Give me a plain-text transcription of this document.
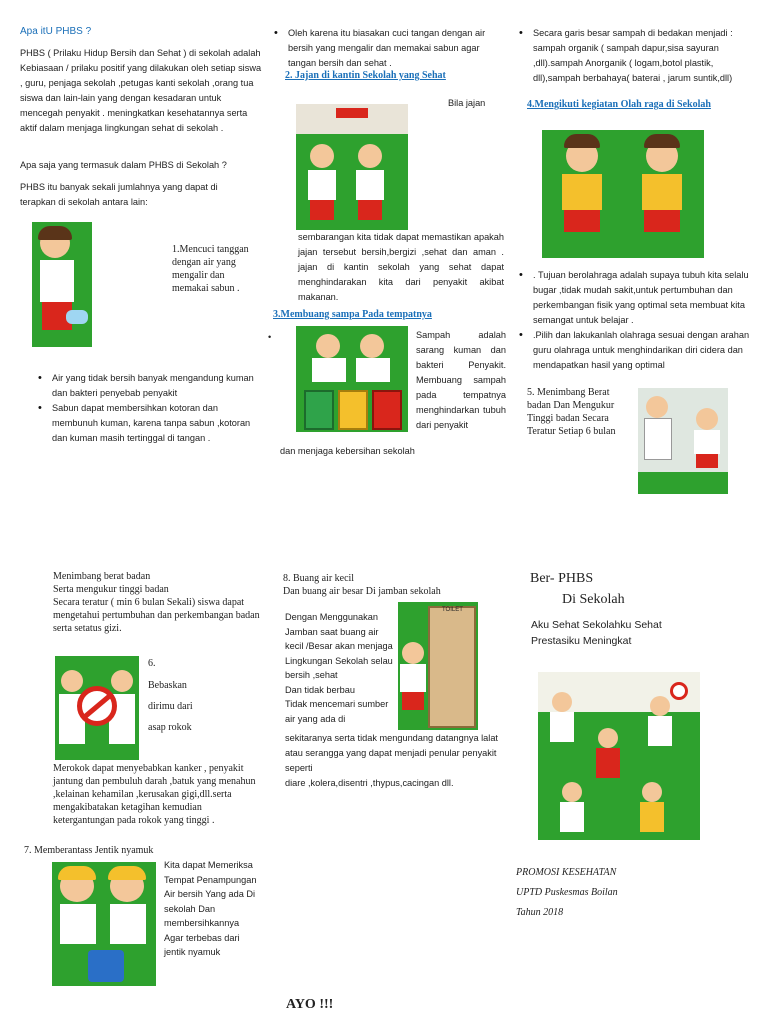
Apa itU PHBS ?
PHBS ( Prilaku Hidup Bersih dan Sehat ) di sekolah adalah Kebiasaan / prilaku positif yang dilakukan oleh setiap siswa , guru, penjaga sekolah ,petugas kanti sekolah ,orang tua siswa dan lain-lain yang dengan kesadaran untuk mencegah penyakit . meningkatkan kesehatannya serta aktif dalam menjaga lingkungan sehat di sekolah .
Apa saja yang termasuk dalam PHBS di Sekolah ?
PHBS itu banyak sekali jumlahnya yang dapat di terapkan di sekolah antara lain:
1.Mencuci tanggan dengan air yang mengalir dan memakai sabun .
• Air yang tidak bersih banyak mengandung kuman dan bakteri penyebab penyakit
• Sabun dapat membersihkan kotoran dan membunuh kuman, karena tanpa sabun ,kotoran dan kuman masih tertinggal di tangan .
Menimbang berat badan
Serta mengukur tinggi badan
Secara teratur ( min 6 bulan Sekali) siswa dapat mengetahui pertumbuhan dan perkembangan badan serta setatus gizi.
6.
Bebaskan
dirimu dari
asap rokok
Merokok dapat menyebabkan kanker , penyakit jantung dan pembuluh darah ,batuk yang menahun ,kelainan kehamilan ,kerusakan gigi,dll.serta mengakibatakan ketagihan kemudian ketergantungan pada rokok yang tinggi .
7. Memberantass Jentik nyamuk
Kita dapat Memeriksa Tempat Penampungan Air bersih Yang ada Di sekolah Dan membersihkannya Agar terbebas dari jentik nyamuk
• Oleh karena itu biasakan cuci tangan dengan air bersih yang mengalir dan memakai sabun agar tangan bersih dan sehat .
2. Jajan di kantin Sekolah yang Sehat
Bila jajan
sembarangan kita tidak dapat memastikan apakah jajan tersebut bersih,bergizi ,sehat dan aman . jajan di kantin sekolah yang sehat dapat menghindarakan kita dari penyakit akibat makanan.
3.Membuang sampa Pada tempatnya
•	Sampah adalah sarang kuman dan bakteri Penyakit. Membuang sampah pada tempatnya menghindarkan tubuh dari penyakit
dan menjaga kebersihan sekolah
8. Buang air kecil
Dan buang air besar Di jamban sekolah
Dengan Menggunakan Jamban saat buang air kecil /Besar akan menjaga Lingkungan Sekolah selau bersih ,sehat
Dan tidak berbau
Tidak mencemari sumber air yang ada di
TOILET
sekitaranya serta tidak mengundang datangnya lalat atau serangga yang dapat menjadi penular penyakit seperti
diare ,kolera,disentri ,thypus,cacingan dll.
AYO !!!
• Secara garis besar sampah di bedakan menjadi : sampah organik ( sampah dapur,sisa sayuran ,dll).sampah Anorganik ( logam,botol plastik, dll),sampah berbahaya( baterai , jarum suntik,dll)
4.Mengikuti kegiatan Olah raga di Sekolah
• . Tujuan berolahraga adalah supaya tubuh kita selalu bugar ,tidak mudah sakit,untuk pertumbuhan dan perkembangan fisik yang optimal seta membuat kita semangat untuk belajar .
• .Pilih dan lakukanlah olahraga sesuai dengan arahan guru olahraga untuk menghindarikan diri cidera dan mendapatkan hasil yang optimal
5. Menimbang Berat badan Dan Mengukur Tinggi badan Secara Teratur Setiap 6 bulan
Ber- PHBS
Di Sekolah
Aku Sehat Sekolahku Sehat
Prestasiku Meningkat
PROMOSI KESEHATAN
UPTD Puskesmas Boilan
Tahun 2018
